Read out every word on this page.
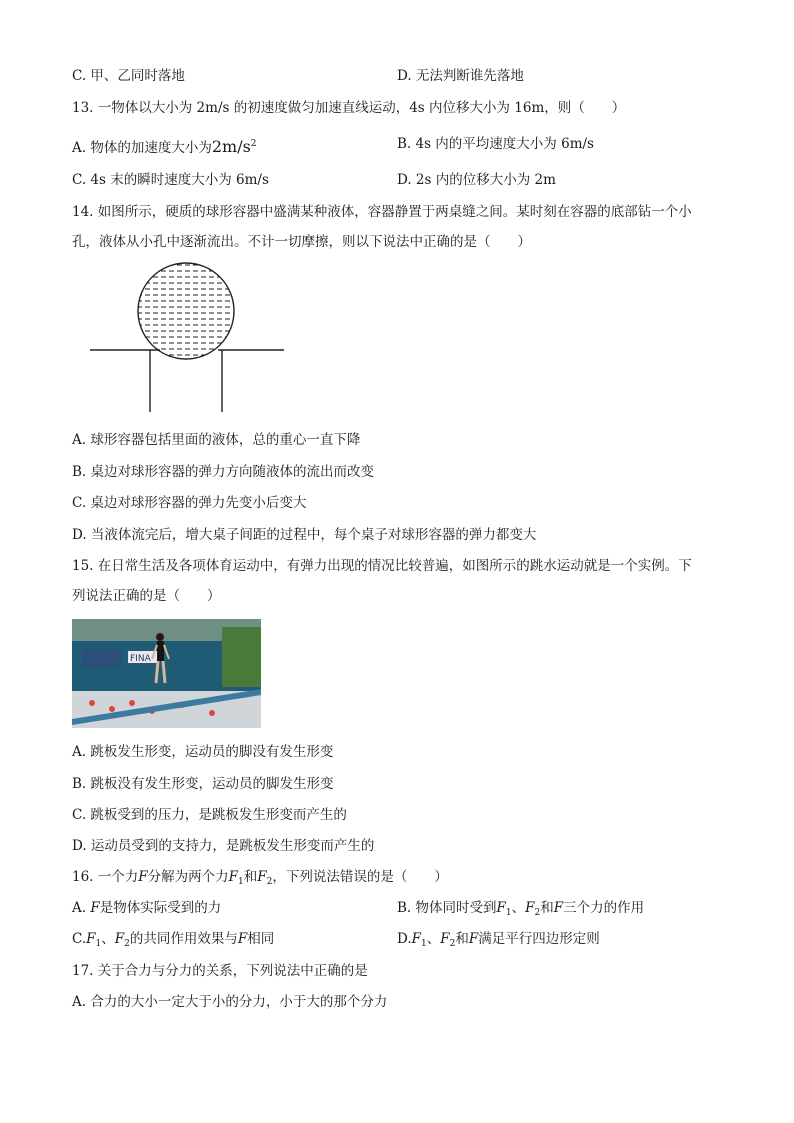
C. 甲、乙同时落地	D. 无法判断谁先落地
13. 一物体以大小为 2m/s 的初速度做匀加速直线运动，4s 内位移大小为 16m，则（　　）
A. 物体的加速度大小为$2m/s^2$	B. 4s 内的平均速度大小为 6m/s
C. 4s 末的瞬时速度大小为 6m/s	D. 2s 内的位移大小为 2m
14. 如图所示，硬质的球形容器中盛满某种液体，容器静置于两桌缝之间。某时刻在容器的底部钻一个小
孔，液体从小孔中逐渐流出。不计一切摩擦，则以下说法中正确的是（　　）
A. 球形容器包括里面的液体，总的重心一直下降
B. 桌边对球形容器的弹力方向随液体的流出而改变
C. 桌边对球形容器的弹力先变小后变大
D. 当液体流完后，增大桌子间距的过程中，每个桌子对球形容器的弹力都变大
15. 在日常生活及各项体育运动中，有弹力出现的情况比较普遍，如图所示的跳水运动就是一个实例。下
列说法正确的是（　　）
FINA
A. 跳板发生形变，运动员的脚没有发生形变
B. 跳板没有发生形变，运动员的脚发生形变
C. 跳板受到的压力，是跳板发生形变而产生的
D. 运动员受到的支持力，是跳板发生形变而产生的
16. 一个力F分解为两个力$F_1$和$F_2$，下列说法错误的是（　　）
A. F是物体实际受到的力	B. 物体同时受到$F_1$、$F_2$和F三个力的作用
$C.F_1$、$F_2$的共同作用效果与F相同	$D.F_1$、$F_2$和F满足平行四边形定则
17. 关于合力与分力的关系，下列说法中正确的是
A. 合力的大小一定大于小的分力，小于大的那个分力
